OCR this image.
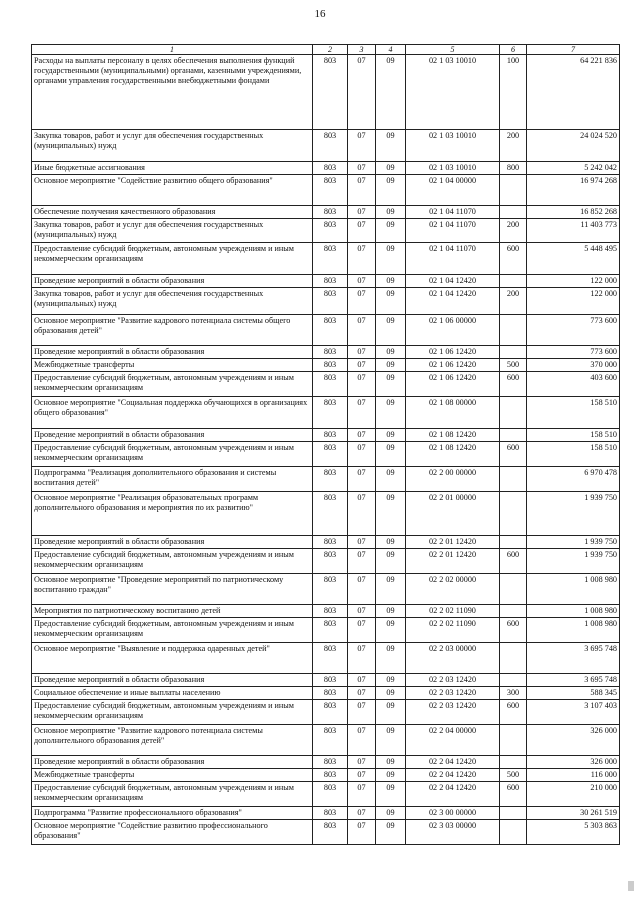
16
1	2	3	4	5	6	7
Расходы на выплаты персоналу в целях обеспечения выполнения функций государственными (муниципальными) органами, казенными учреждениями, органами управления государственными внебюджетными фондами	803	07	09	02 1 03 10010	100	64 221 836
Закупка товаров, работ и услуг для обеспечения государственных (муниципальных) нужд	803	07	09	02 1 03 10010	200	24 024 520
Иные бюджетные ассигнования	803	07	09	02 1 03 10010	800	5 242 042
Основное мероприятие "Содействие развитию общего образования"	803	07	09	02 1 04 00000		16 974 268
Обеспечение получения качественного образования	803	07	09	02 1 04 11070		16 852 268
Закупка товаров, работ и услуг для обеспечения государственных (муниципальных) нужд	803	07	09	02 1 04 11070	200	11 403 773
Предоставление субсидий бюджетным, автономным учреждениям и иным некоммерческим организациям	803	07	09	02 1 04 11070	600	5 448 495
Проведение мероприятий в области образования	803	07	09	02 1 04 12420		122 000
Закупка товаров, работ и услуг для обеспечения государственных (муниципальных) нужд	803	07	09	02 1 04 12420	200	122 000
Основное мероприятие "Развитие кадрового потенциала системы общего образования детей"	803	07	09	02 1 06 00000		773 600
Проведение мероприятий в области образования	803	07	09	02 1 06 12420		773 600
Межбюджетные трансферты	803	07	09	02 1 06 12420	500	370 000
Предоставление субсидий бюджетным, автономным учреждениям и иным некоммерческим организациям	803	07	09	02 1 06 12420	600	403 600
Основное мероприятие "Социальная поддержка обучающихся в организациях общего образования"	803	07	09	02 1 08 00000		158 510
Проведение мероприятий в области образования	803	07	09	02 1 08 12420		158 510
Предоставление субсидий бюджетным, автономным учреждениям и иным некоммерческим организациям	803	07	09	02 1 08 12420	600	158 510
Подпрограмма "Реализация дополнительного образования и системы воспитания детей"	803	07	09	02 2 00 00000		6 970 478
Основное мероприятие "Реализация образовательных программ дополнительного образования и мероприятия по их развитию"	803	07	09	02 2 01 00000		1 939 750
Проведение мероприятий в области образования	803	07	09	02 2 01 12420		1 939 750
Предоставление субсидий бюджетным, автономным учреждениям и иным некоммерческим организациям	803	07	09	02 2 01 12420	600	1 939 750
Основное мероприятие "Проведение мероприятий по патриотическому воспитанию граждан"	803	07	09	02 2 02 00000		1 008 980
Мероприятия по патриотическому воспитанию детей	803	07	09	02 2 02 11090		1 008 980
Предоставление субсидий бюджетным, автономным учреждениям и иным некоммерческим организациям	803	07	09	02 2 02 11090	600	1 008 980
Основное мероприятие "Выявление и поддержка одаренных детей"	803	07	09	02 2 03 00000		3 695 748
Проведение мероприятий в области образования	803	07	09	02 2 03 12420		3 695 748
Социальное обеспечение и иные выплаты населению	803	07	09	02 2 03 12420	300	588 345
Предоставление субсидий бюджетным, автономным учреждениям и иным некоммерческим организациям	803	07	09	02 2 03 12420	600	3 107 403
Основное мероприятие "Развитие кадрового потенциала системы дополнительного образования детей"	803	07	09	02 2 04 00000		326 000
Проведение мероприятий в области образования	803	07	09	02 2 04 12420		326 000
Межбюджетные трансферты	803	07	09	02 2 04 12420	500	116 000
Предоставление субсидий бюджетным, автономным учреждениям и иным некоммерческим организациям	803	07	09	02 2 04 12420	600	210 000
Подпрограмма "Развитие профессионального образования"	803	07	09	02 3 00 00000		30 261 519
Основное мероприятие "Содействие развитию профессионального образования"	803	07	09	02 3 03 00000		5 303 863
